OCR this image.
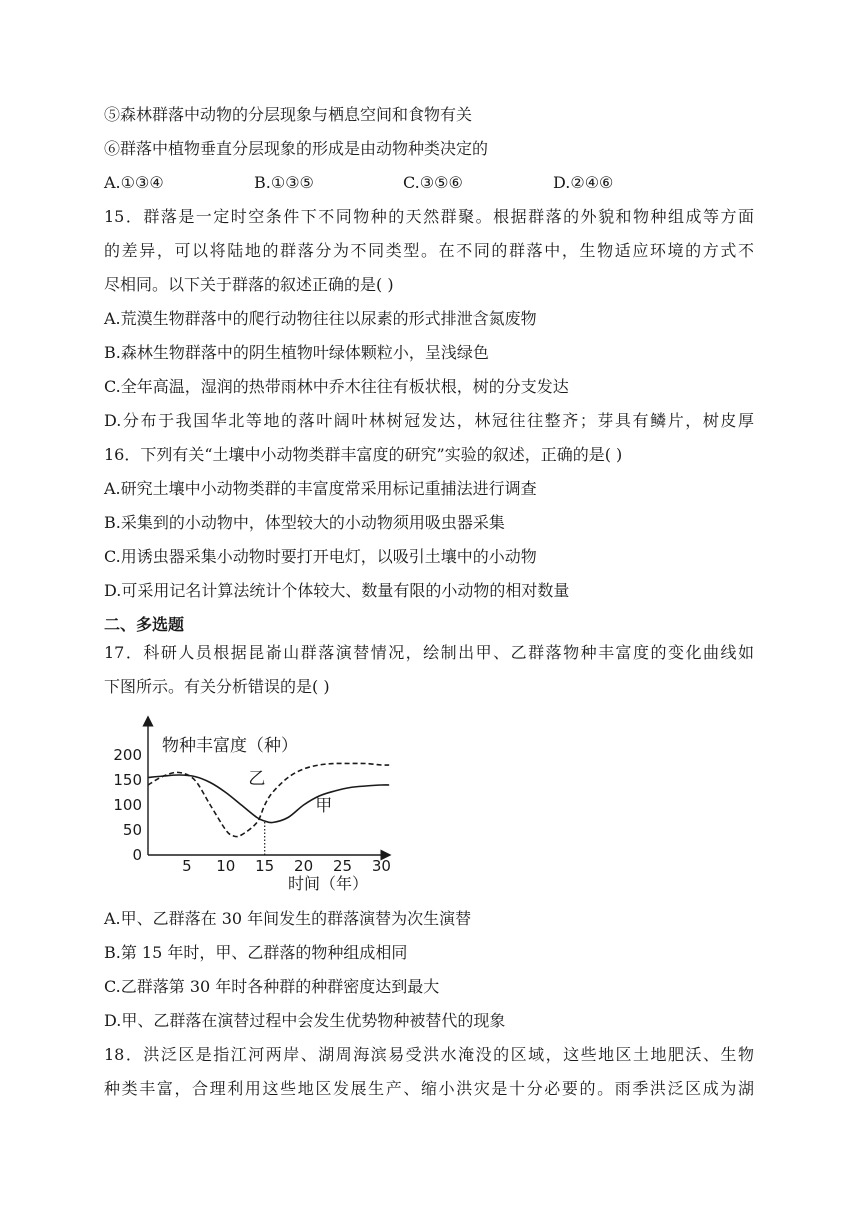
⑤森林群落中动物的分层现象与栖息空间和食物有关
⑥群落中植物垂直分层现象的形成是由动物种类决定的
A.①③④	B.①③⑤	C.③⑤⑥	D.②④⑥
15．群落是一定时空条件下不同物种的天然群聚。根据群落的外貌和物种组成等方面
的差异，可以将陆地的群落分为不同类型。在不同的群落中，生物适应环境的方式不
尽相同。以下关于群落的叙述正确的是( )
A.荒漠生物群落中的爬行动物往往以尿素的形式排泄含氮废物
B.森林生物群落中的阴生植物叶绿体颗粒小，呈浅绿色
C.全年高温，湿润的热带雨林中乔木往往有板状根，树的分支发达
D.分布于我国华北等地的落叶阔叶林树冠发达，林冠往往整齐；芽具有鳞片，树皮厚
16．下列有关“土壤中小动物类群丰富度的研究”实验的叙述，正确的是( )
A.研究土壤中小动物类群的丰富度常采用标记重捕法进行调查
B.采集到的小动物中，体型较大的小动物须用吸虫器采集
C.用诱虫器采集小动物时要打开电灯，以吸引土壤中的小动物
D.可采用记名计算法统计个体较大、数量有限的小动物的相对数量
二、多选题
17．科研人员根据昆嵛山群落演替情况，绘制出甲、乙群落物种丰富度的变化曲线如
下图所示。有关分析错误的是( )
0
50
100
150
200
5 10 15 20 25 30
物种丰富度（种）
时间（年）
乙
甲
A.甲、乙群落在 30 年间发生的群落演替为次生演替
B.第 15 年时，甲、乙群落的物种组成相同
C.乙群落第 30 年时各种群的种群密度达到最大
D.甲、乙群落在演替过程中会发生优势物种被替代的现象
18．洪泛区是指江河两岸、湖周海滨易受洪水淹没的区域，这些地区土地肥沃、生物
种类丰富，合理利用这些地区发展生产、缩小洪灾是十分必要的。雨季洪泛区成为湖
